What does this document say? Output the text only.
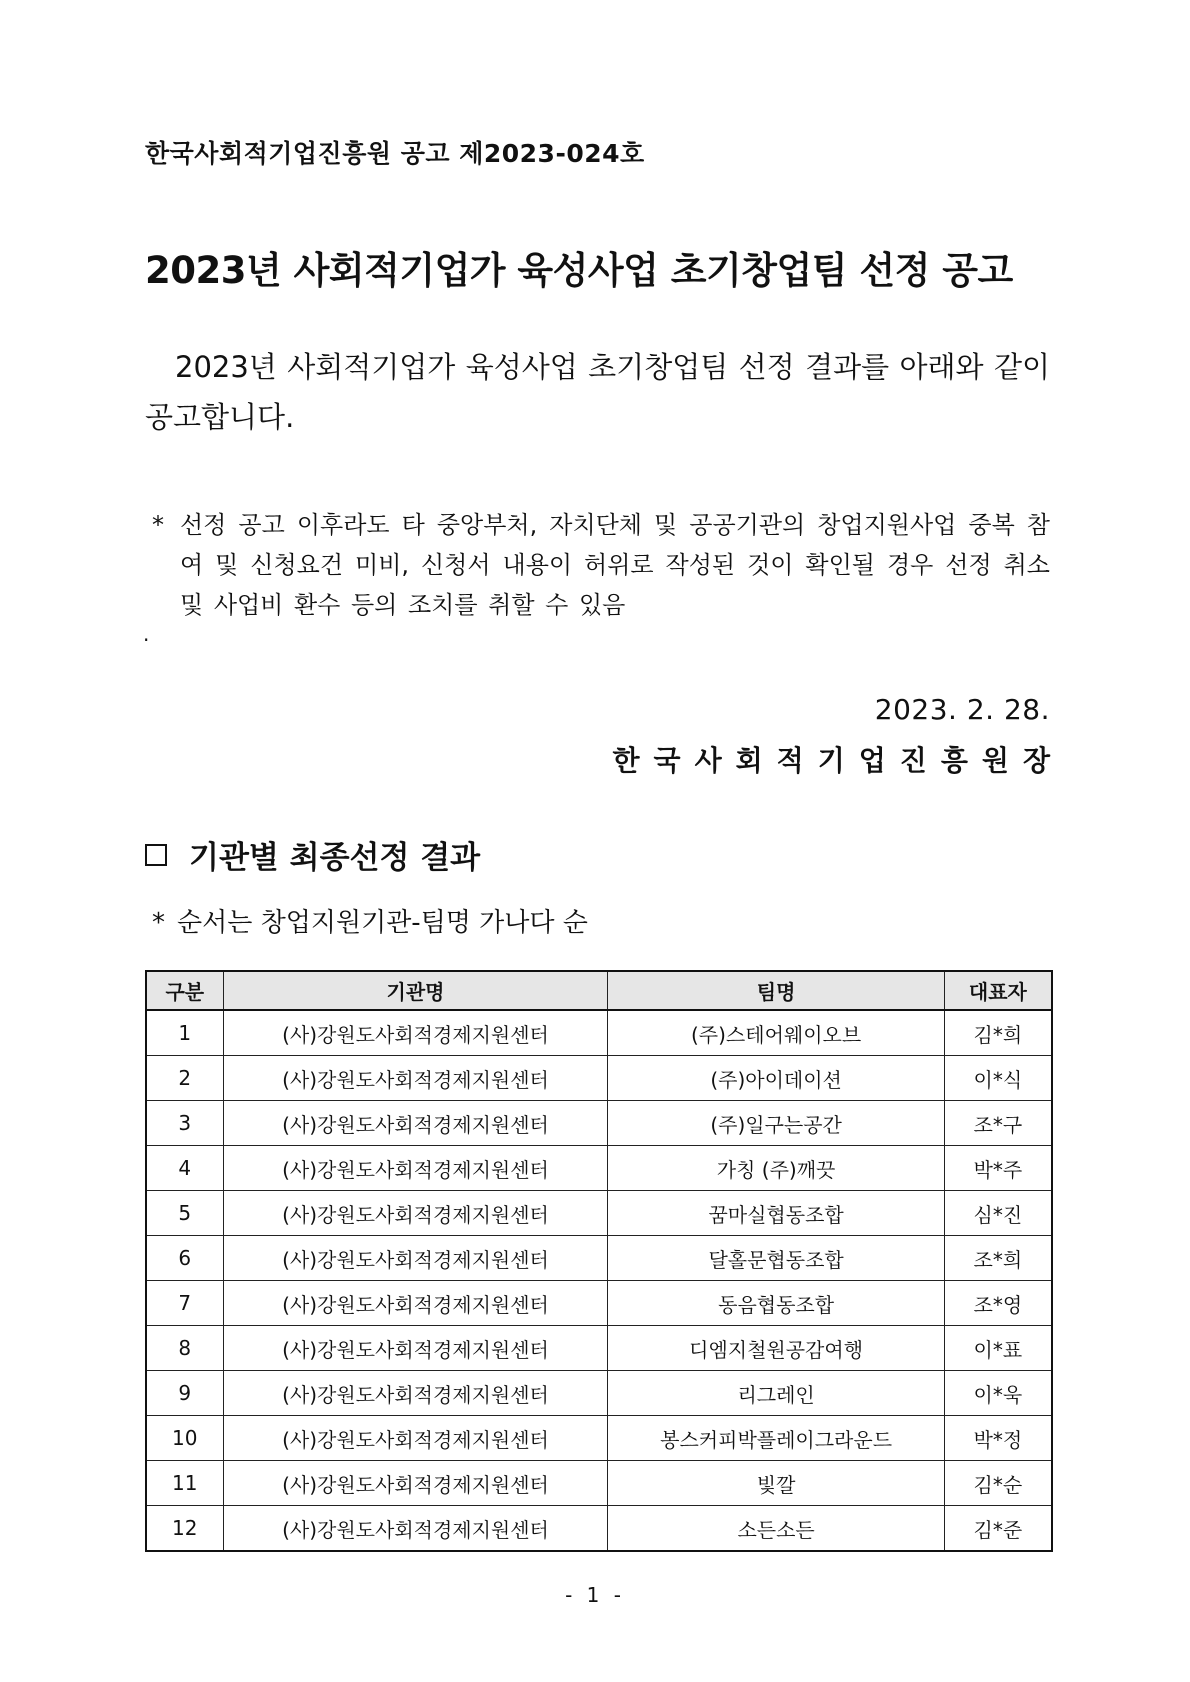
한국사회적기업진흥원 공고 제2023-024호
2023년 사회적기업가 육성사업 초기창업팀 선정 공고
2023년 사회적기업가 육성사업 초기창업팀 선정 결과를 아래와 같이 공고합니다.
* 선정 공고 이후라도 타 중앙부처, 자치단체 및 공공기관의 창업지원사업 중복 참여 및 신청요건 미비, 신청서 내용이 허위로 작성된 것이 확인될 경우 선정 취소 및 사업비 환수 등의 조치를 취할 수 있음
.
2023. 2. 28.
한국사회적기업진흥원장
기관별 최종선정 결과
* 순서는 창업지원기관-팀명 가나다 순
구분	기관명	팀명	대표자
1	(사)강원도사회적경제지원센터	(주)스테어웨이오브	김*희
2	(사)강원도사회적경제지원센터	(주)아이데이션	이*식
3	(사)강원도사회적경제지원센터	(주)일구는공간	조*구
4	(사)강원도사회적경제지원센터	가칭 (주)깨끗	박*주
5	(사)강원도사회적경제지원센터	꿈마실협동조합	심*진
6	(사)강원도사회적경제지원센터	달홀문협동조합	조*희
7	(사)강원도사회적경제지원센터	동음협동조합	조*영
8	(사)강원도사회적경제지원센터	디엠지철원공감여행	이*표
9	(사)강원도사회적경제지원센터	리그레인	이*욱
10	(사)강원도사회적경제지원센터	봉스커피박플레이그라운드	박*정
11	(사)강원도사회적경제지원센터	빛깔	김*순
12	(사)강원도사회적경제지원센터	소든소든	김*준
- 1 -
